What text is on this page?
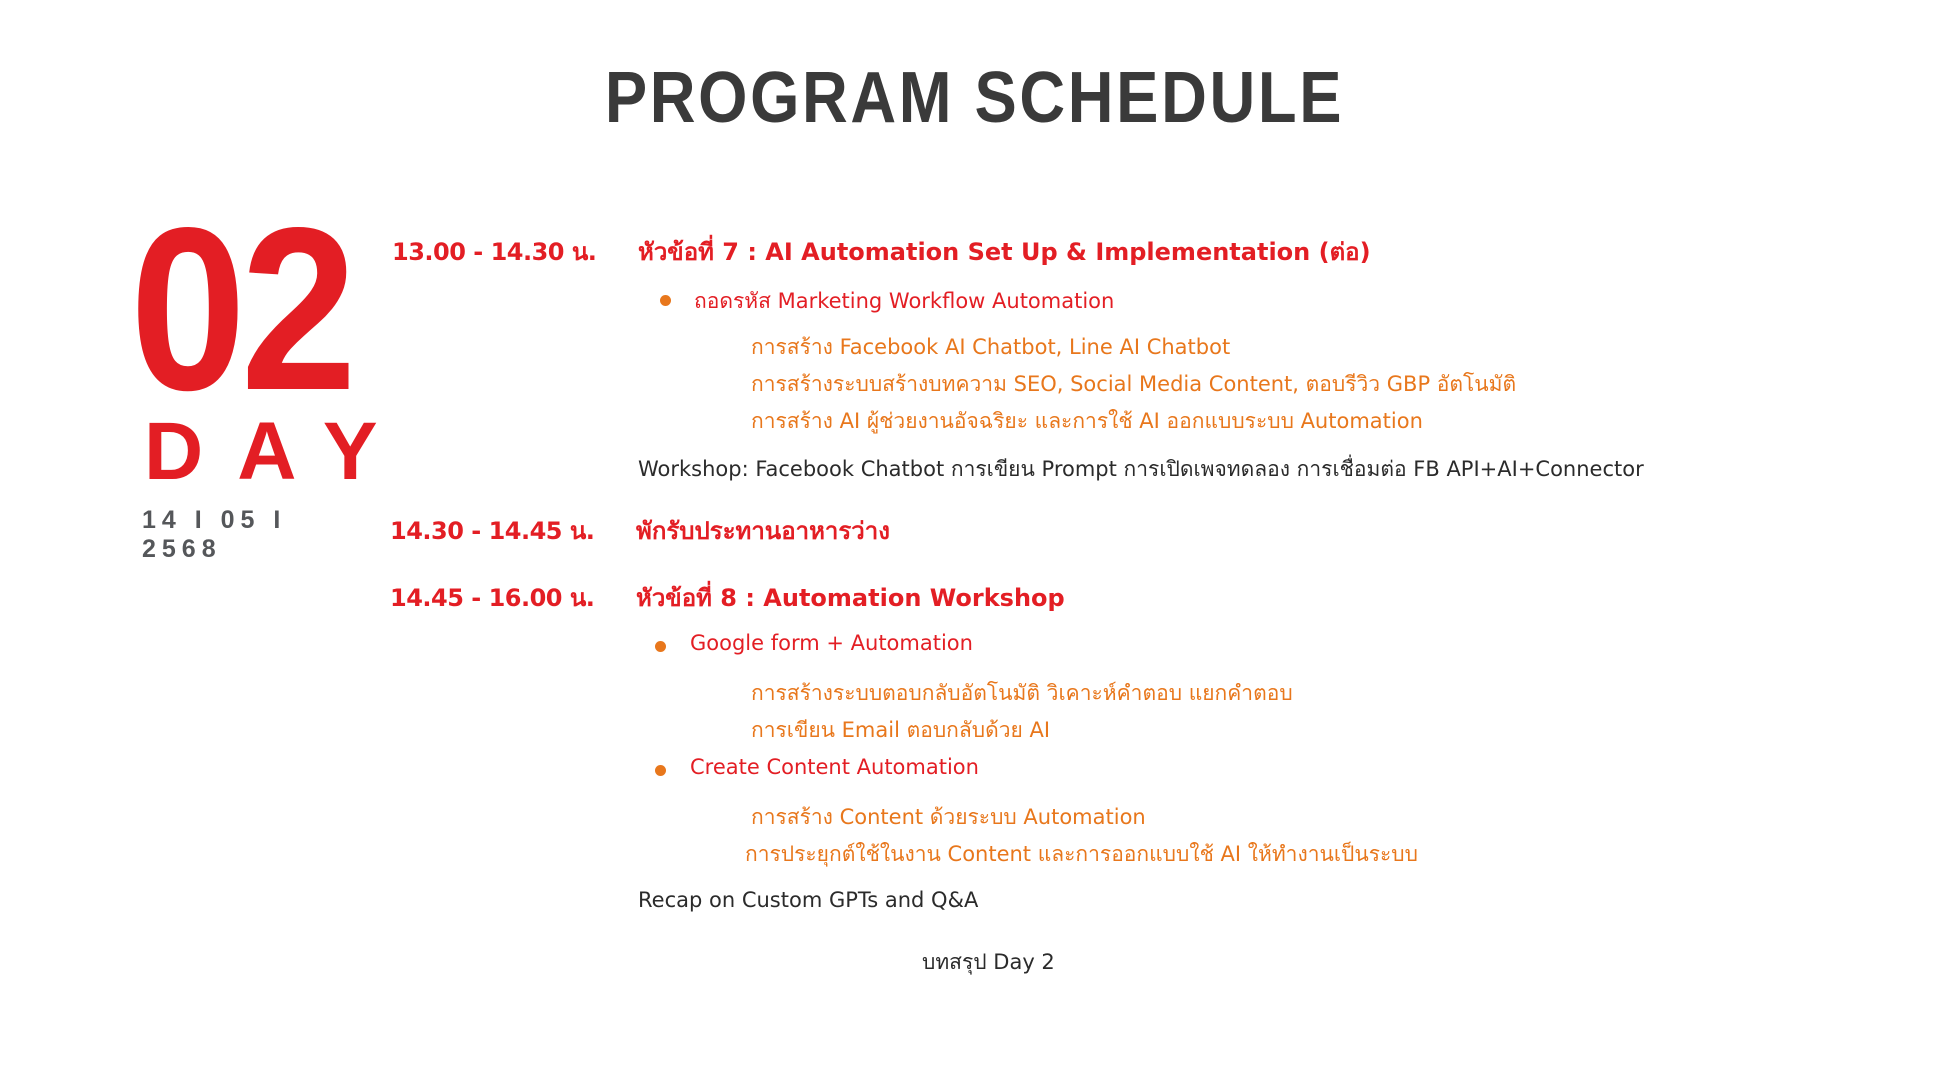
PROGRAM SCHEDULE
02
DAY
14 I 05 I 2568
13.00 - 14.30 น. หัวข้อที่ 7 : AI Automation Set Up & Implementation (ต่อ)
ถอดรหัส Marketing Workflow Automation
การสร้าง Facebook AI Chatbot, Line AI Chatbot
การสร้างระบบสร้างบทความ SEO, Social Media Content, ตอบรีวิว GBP อัตโนมัติ
การสร้าง AI ผู้ช่วยงานอัจฉริยะ และการใช้ AI ออกแบบระบบ Automation
Workshop: Facebook Chatbot การเขียน Prompt การเปิดเพจทดลอง การเชื่อมต่อ FB API+AI+Connector
14.30 - 14.45 น. พักรับประทานอาหารว่าง
14.45 - 16.00 น. หัวข้อที่ 8 : Automation Workshop
Google form + Automation
การสร้างระบบตอบกลับอัตโนมัติ วิเคาะห์คำตอบ แยกคำตอบ
การเขียน Email ตอบกลับด้วย AI
Create Content Automation
การสร้าง Content ด้วยระบบ Automation
การประยุกต์ใช้ในงาน Content และการออกแบบใช้ AI ให้ทำงานเป็นระบบ
Recap on Custom GPTs and Q&A
บทสรุป Day 2
